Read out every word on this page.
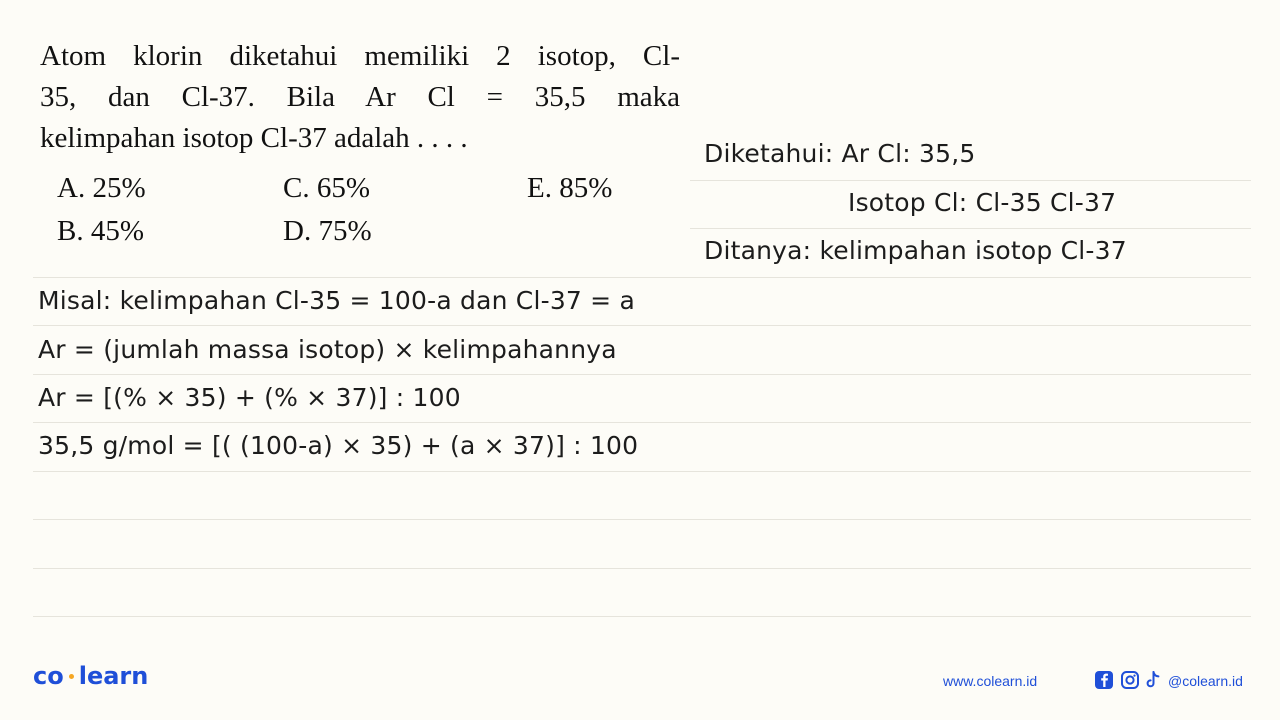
Atom klorin diketahui memiliki 2 isotop, Cl-
35, dan Cl-37. Bila Ar Cl = 35,5 maka
kelimpahan isotop Cl-37 adalah . . . .
A. 25%	C. 65%	E. 85%
B. 45%	D. 75%
Diketahui: Ar Cl: 35,5
Isotop Cl: Cl-35 Cl-37
Ditanya: kelimpahan isotop Cl-37
Misal: kelimpahan Cl-35 = 100-a dan Cl-37 = a
Ar = (jumlah massa isotop) × kelimpahannya
Ar = [(% × 35) + (% × 37)] : 100
35,5 g/mol = [( (100-a) × 35) + (a × 37)] : 100
co learn	www.colearn.id	@colearn.id
